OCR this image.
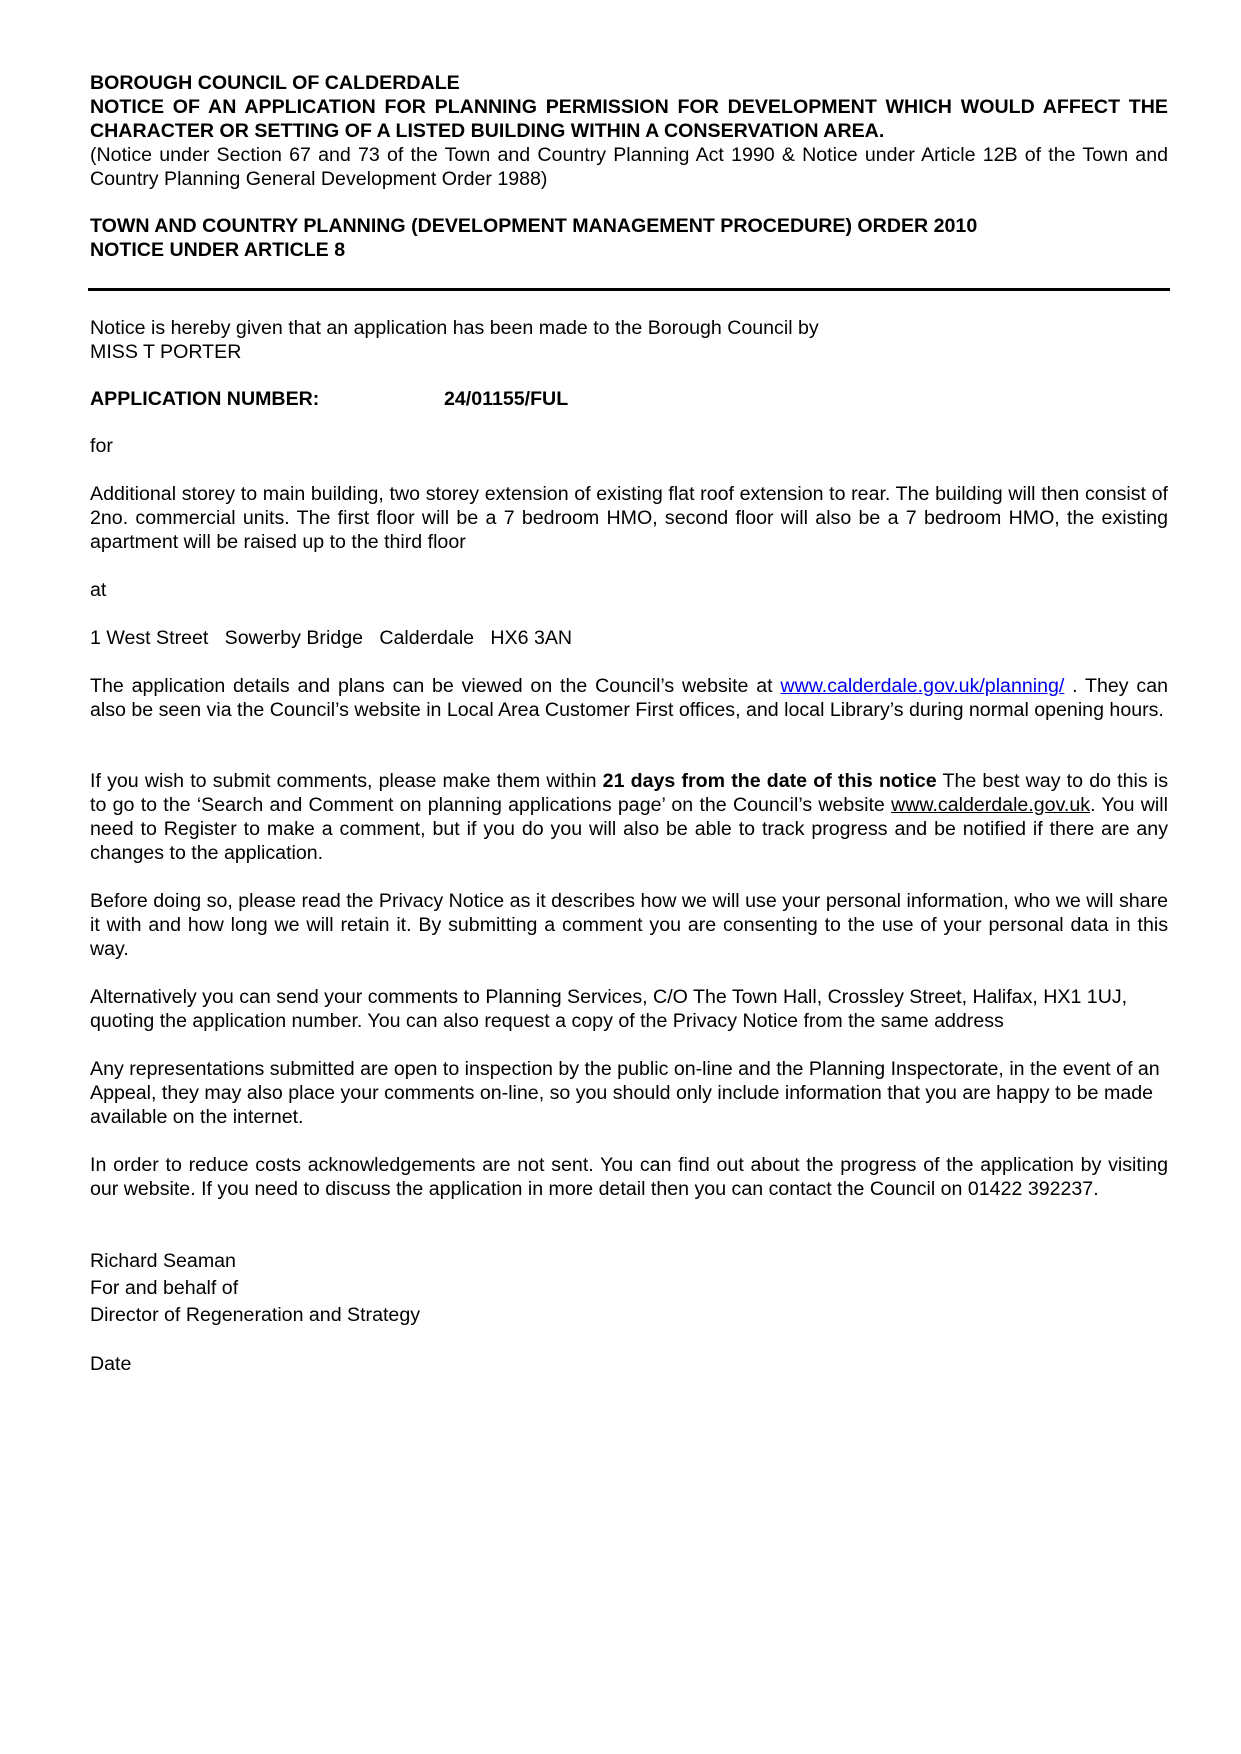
BOROUGH COUNCIL OF CALDERDALE
NOTICE OF AN APPLICATION FOR PLANNING PERMISSION FOR DEVELOPMENT WHICH WOULD AFFECT THE CHARACTER OR SETTING OF A LISTED BUILDING WITHIN A CONSERVATION AREA.
(Notice under Section 67 and 73 of the Town and Country Planning Act 1990 & Notice under Article 12B of the Town and Country Planning General Development Order 1988)
TOWN AND COUNTRY PLANNING (DEVELOPMENT MANAGEMENT PROCEDURE) ORDER 2010
NOTICE UNDER ARTICLE 8
Notice is hereby given that an application has been made to the Borough Council by
MISS T PORTER
APPLICATION NUMBER:	24/01155/FUL
for
Additional storey to main building, two storey extension of existing flat roof extension to rear. The building will then consist of 2no. commercial units. The first floor will be a 7 bedroom HMO, second floor will also be a 7 bedroom HMO, the existing apartment will be raised up to the third floor
at
1 West Street   Sowerby Bridge   Calderdale   HX6 3AN
The application details and plans can be viewed on the Council’s website at www.calderdale.gov.uk/planning/ . They can also be seen via the Council’s website in Local Area Customer First offices, and local Library’s during normal opening hours.
If you wish to submit comments, please make them within 21 days from the date of this notice The best way to do this is to go to the ‘Search and Comment on planning applications page’ on the Council’s website www.calderdale.gov.uk. You will need to Register to make a comment, but if you do you will also be able to track progress and be notified if there are any changes to the application.
Before doing so, please read the Privacy Notice as it describes how we will use your personal information, who we will share it with and how long we will retain it. By submitting a comment you are consenting to the use of your personal data in this way.
Alternatively you can send your comments to Planning Services, C/O The Town Hall, Crossley Street, Halifax, HX1 1UJ, quoting the application number. You can also request a copy of the Privacy Notice from the same address
Any representations submitted are open to inspection by the public on-line and the Planning Inspectorate, in the event of an Appeal, they may also place your comments on-line, so you should only include information that you are happy to be made available on the internet.
In order to reduce costs acknowledgements are not sent. You can find out about the progress of the application by visiting our website. If you need to discuss the application in more detail then you can contact the Council on 01422 392237.
Richard Seaman
For and behalf of
Director of Regeneration and Strategy
Date
